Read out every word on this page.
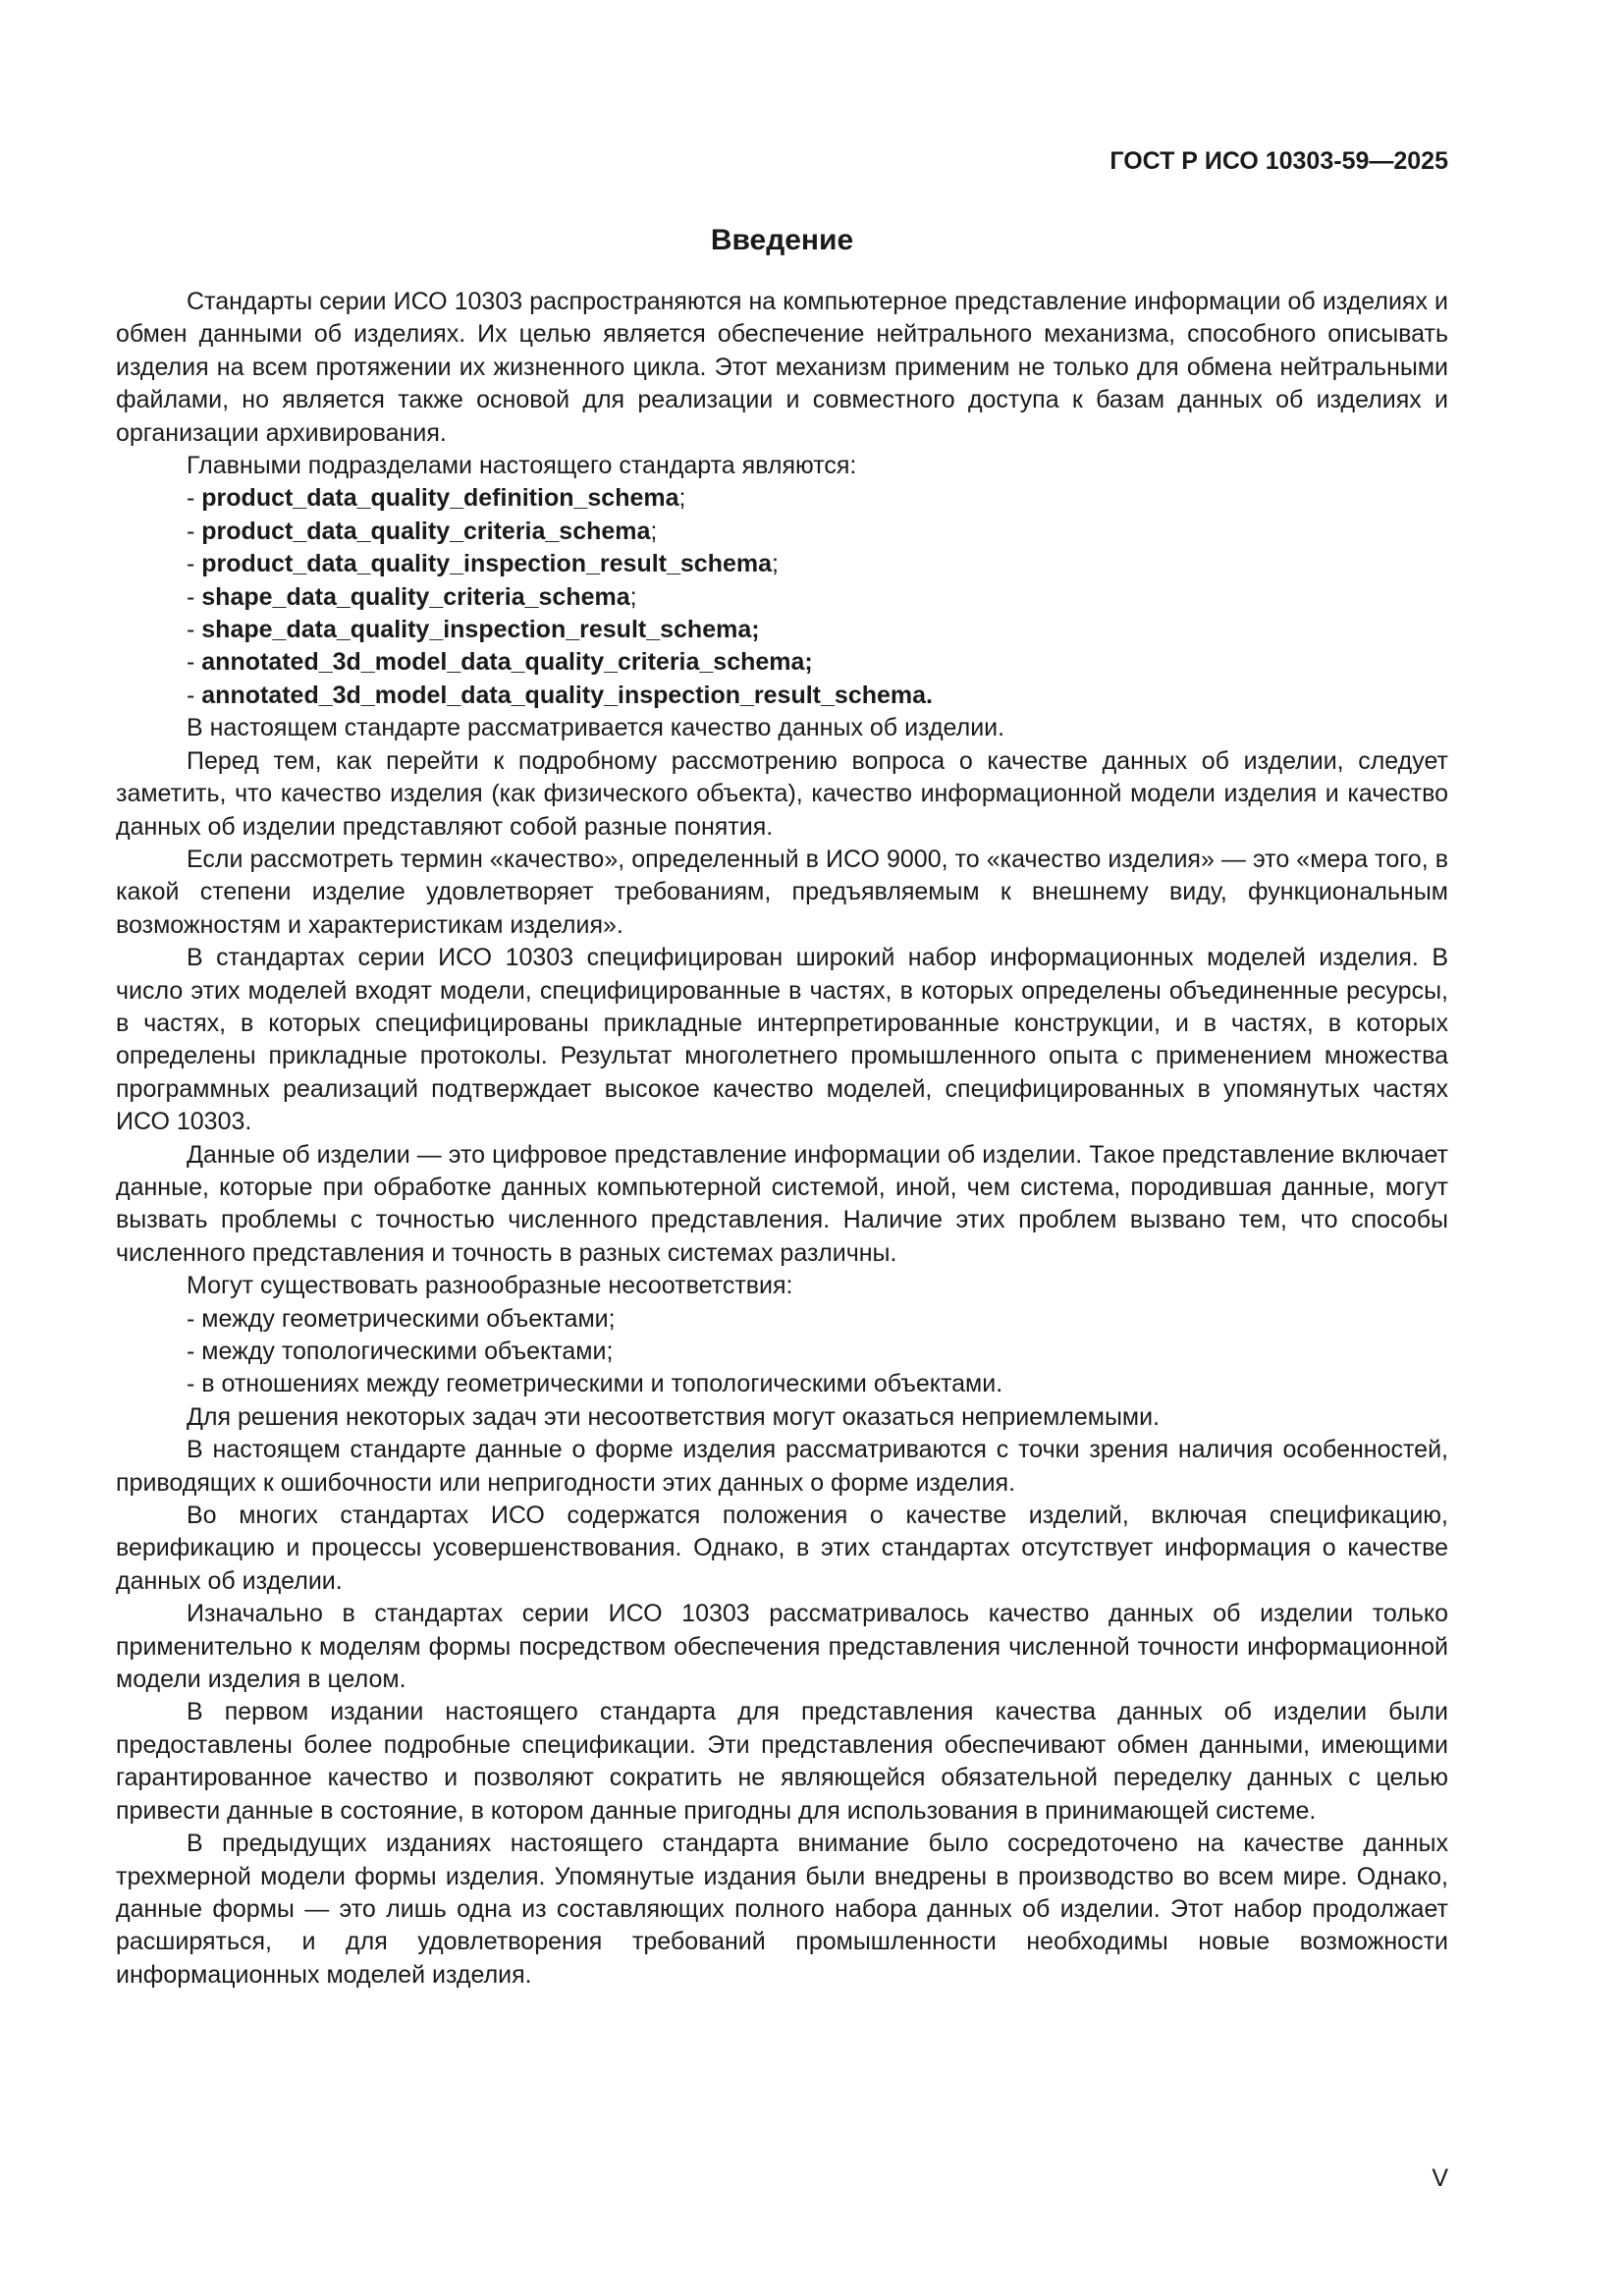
ГОСТ Р ИСО 10303-59—2025
Введение

Стандарты серии ИСО 10303 распространяются на компьютерное представление информации об изделиях и обмен данными об изделиях. Их целью является обеспечение нейтрального механизма, способного описывать изделия на всем протяжении их жизненного цикла. Этот механизм применим не только для обмена нейтральными файлами, но является также основой для реализации и совместного доступа к базам данных об изделиях и организации архивирования.

Главными подразделами настоящего стандарта являются:

- product_data_quality_definition_schema;

- product_data_quality_criteria_schema;

- product_data_quality_inspection_result_schema;

- shape_data_quality_criteria_schema;

- shape_data_quality_inspection_result_schema;

- annotated_3d_model_data_quality_criteria_schema;

- annotated_3d_model_data_quality_inspection_result_schema.

В настоящем стандарте рассматривается качество данных об изделии.

Перед тем, как перейти к подробному рассмотрению вопроса о качестве данных об изделии, следует заметить, что качество изделия (как физического объекта), качество информационной модели изделия и качество данных об изделии представляют собой разные понятия.

Если рассмотреть термин «качество», определенный в ИСО 9000, то «качество изделия» — это «мера того, в какой степени изделие удовлетворяет требованиям, предъявляемым к внешнему виду, функциональным возможностям и характеристикам изделия».

В стандартах серии ИСО 10303 специфицирован широкий набор информационных моделей изделия. В число этих моделей входят модели, специфицированные в частях, в которых определены объединенные ресурсы, в частях, в которых специфицированы прикладные интерпретированные конструкции, и в частях, в которых определены прикладные протоколы. Результат многолетнего промышленного опыта с применением множества программных реализаций подтверждает высокое качество моделей, специфицированных в упомянутых частях ИСО 10303.

Данные об изделии — это цифровое представление информации об изделии. Такое представление включает данные, которые при обработке данных компьютерной системой, иной, чем система, породившая данные, могут вызвать проблемы с точностью численного представления. Наличие этих проблем вызвано тем, что способы численного представления и точность в разных системах различны.

Могут существовать разнообразные несоответствия:

- между геометрическими объектами;

- между топологическими объектами;

- в отношениях между геометрическими и топологическими объектами.

Для решения некоторых задач эти несоответствия могут оказаться неприемлемыми.

В настоящем стандарте данные о форме изделия рассматриваются с точки зрения наличия особенностей, приводящих к ошибочности или непригодности этих данных о форме изделия.

Во многих стандартах ИСО содержатся положения о качестве изделий, включая спецификацию, верификацию и процессы усовершенствования. Однако, в этих стандартах отсутствует информация о качестве данных об изделии.

Изначально в стандартах серии ИСО 10303 рассматривалось качество данных об изделии только применительно к моделям формы посредством обеспечения представления численной точности информационной модели изделия в целом.

В первом издании настоящего стандарта для представления качества данных об изделии были предоставлены более подробные спецификации. Эти представления обеспечивают обмен данными, имеющими гарантированное качество и позволяют сократить не являющейся обязательной переделку данных с целью привести данные в состояние, в котором данные пригодны для использования в принимающей системе.

В предыдущих изданиях настоящего стандарта внимание было сосредоточено на качестве данных трехмерной модели формы изделия. Упомянутые издания были внедрены в производство во всем мире. Однако, данные формы — это лишь одна из составляющих полного набора данных об изделии. Этот набор продолжает расширяться, и для удовлетворения требований промышленности необходимы новые возможности информационных моделей изделия.

V
